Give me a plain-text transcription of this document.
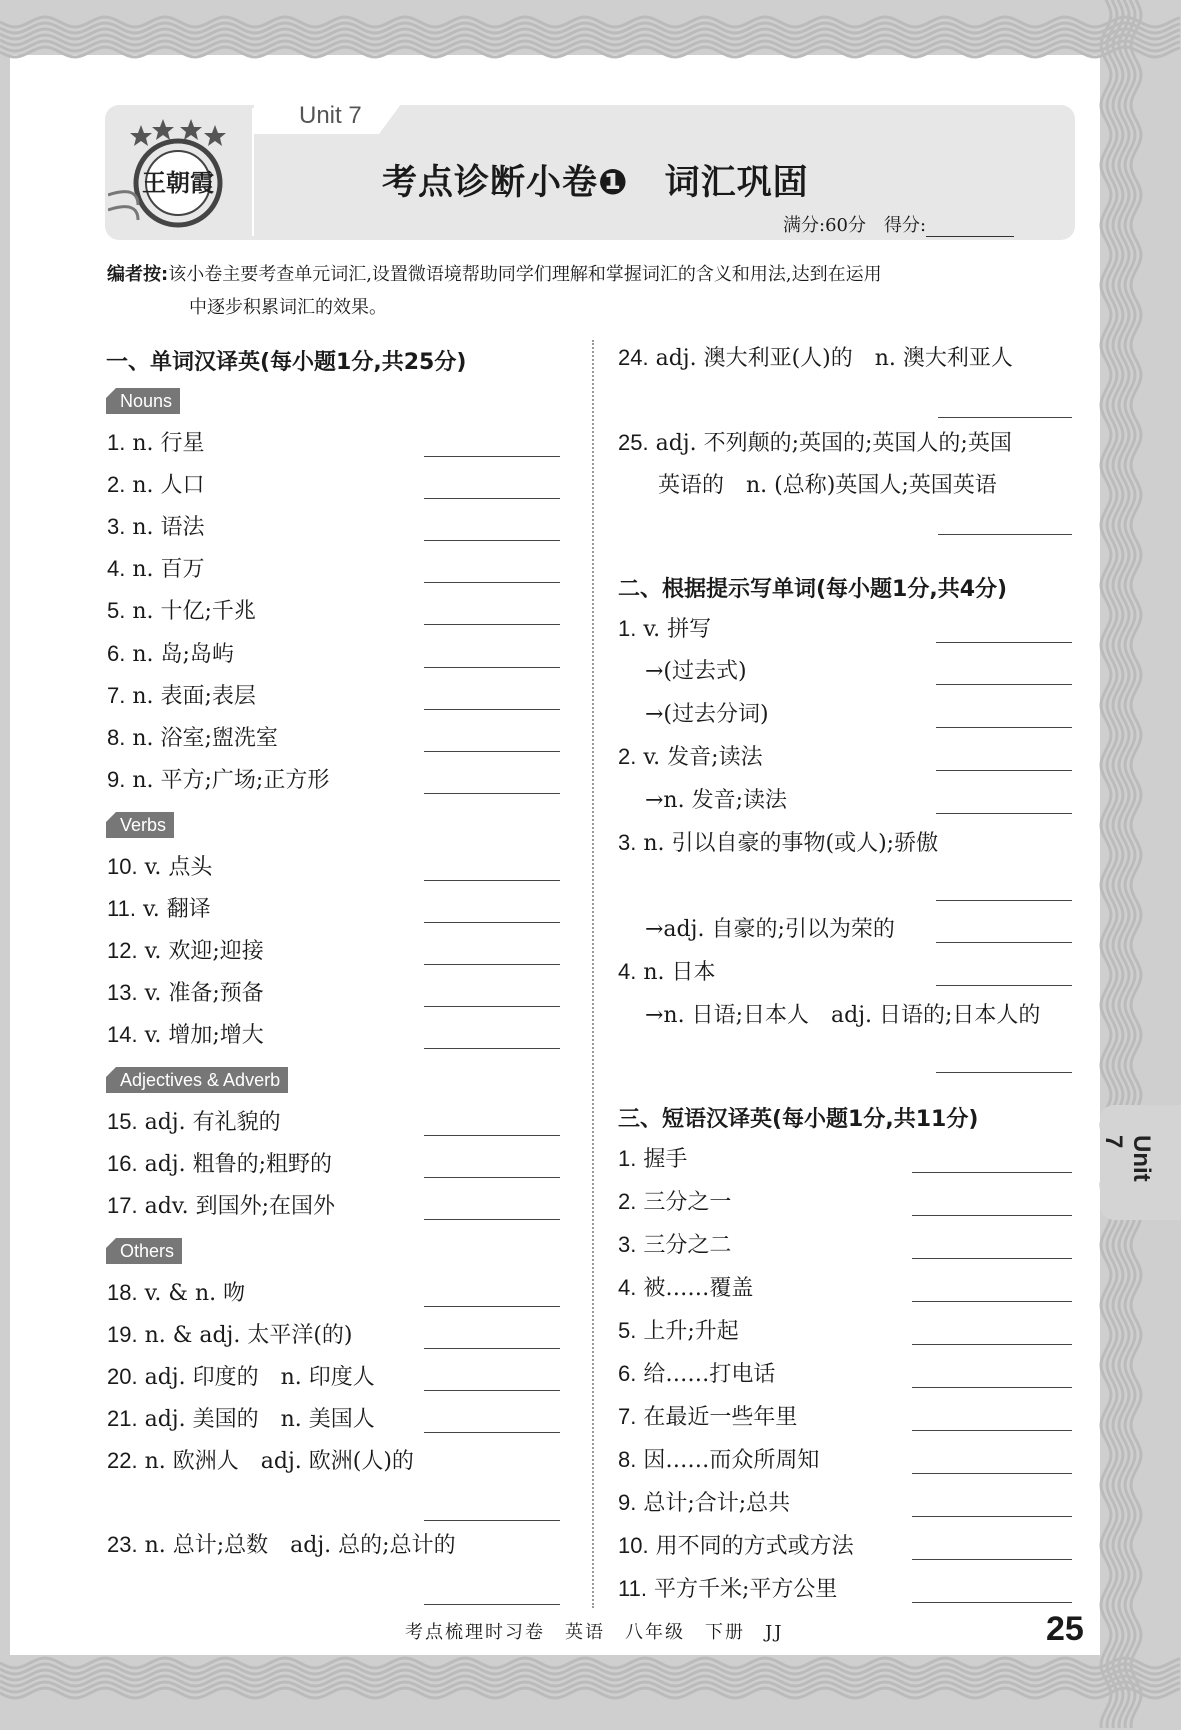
王朝霞
Unit 7
考点诊断小卷❶　词汇巩固
满分:60分　得分:
编者按:该小卷主要考查单元词汇,设置微语境帮助同学们理解和掌握词汇的含义和用法,达到在运用
中逐步积累词汇的效果。
一、单词汉译英(每小题1分,共25分)
Nouns
Verbs
Adjectives & Adverb
Others
1. n. 行星
2. n. 人口
3. n. 语法
4. n. 百万
5. n. 十亿;千兆
6. n. 岛;岛屿
7. n. 表面;表层
8. n. 浴室;盥洗室
9. n. 平方;广场;正方形
10. v. 点头
11. v. 翻译
12. v. 欢迎;迎接
13. v. 准备;预备
14. v. 增加;增大
15. adj. 有礼貌的
16. adj. 粗鲁的;粗野的
17. adv. 到国外;在国外
18. v. & n. 吻
19. n. & adj. 太平洋(的)
20. adj. 印度的　n. 印度人
21. adj. 美国的　n. 美国人
22. n. 欧洲人　adj. 欧洲(人)的
23. n. 总计;总数　adj. 总的;总计的
24. adj. 澳大利亚(人)的　n. 澳大利亚人
25. adj. 不列颠的;英国的;英国人的;英国
英语的　n. (总称)英国人;英国英语
1. v. 拼写
→(过去式)
→(过去分词)
2. v. 发音;读法
→n. 发音;读法
3. n. 引以自豪的事物(或人);骄傲
→adj. 自豪的;引以为荣的
4. n. 日本
→n. 日语;日本人　adj. 日语的;日本人的
1. 握手
2. 三分之一
3. 三分之二
4. 被……覆盖
5. 上升;升起
6. 给……打电话
7. 在最近一些年里
8. 因……而众所周知
9. 总计;合计;总共
10. 用不同的方式或方法
11. 平方千米;平方公里
二、根据提示写单词(每小题1分,共4分)
三、短语汉译英(每小题1分,共11分)
Unit 7
考点梳理时习卷　英语　八年级　下册　JJ	25
